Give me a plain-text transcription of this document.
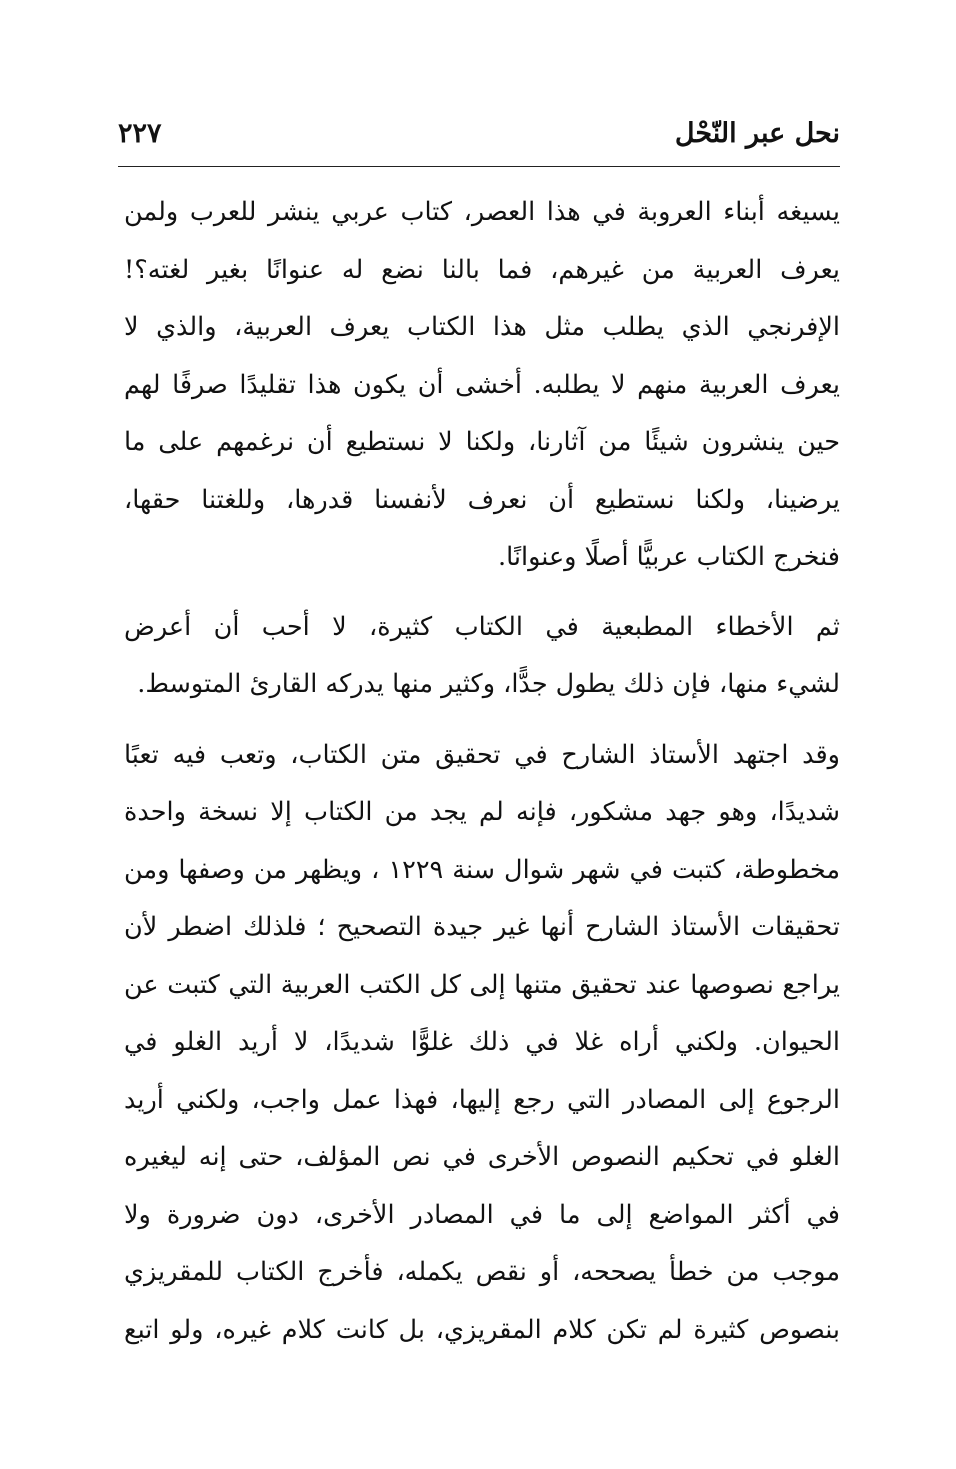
نحل عبر النّحْل
٢٢٧

يسيغه أبناء العروبة في هذا العصر، كتاب عربي ينشر للعرب ولمن
يعرف العربية من غيرهم، فما بالنا نضع له عنوانًا بغير لغته؟!
الإفرنجي الذي يطلب مثل هذا الكتاب يعرف العربية، والذي لا
يعرف العربية منهم لا يطلبه. أخشى أن يكون هذا تقليدًا صرفًا لهم
حين ينشرون شيئًا من آثارنا، ولكنا لا نستطيع أن نرغمهم على ما
يرضينا، ولكنا نستطيع أن نعرف لأنفسنا قدرها، وللغتنا حقها،
فنخرج الكتاب عربيًّا أصلًا وعنوانًا.

ثم الأخطاء المطبعية في الكتاب كثيرة، لا أحب أن أعرض
لشيء منها، فإن ذلك يطول جدًّا، وكثير منها يدركه القارئ المتوسط.

وقد اجتهد الأستاذ الشارح في تحقيق متن الكتاب، وتعب فيه تعبًا
شديدًا، وهو جهد مشكور، فإنه لم يجد من الكتاب إلا نسخة واحدة
مخطوطة، كتبت في شهر شوال سنة ١٢٢٩ ، ويظهر من وصفها ومن
تحقيقات الأستاذ الشارح أنها غير جيدة التصحيح ؛ فلذلك اضطر لأن
يراجع نصوصها عند تحقيق متنها إلى كل الكتب العربية التي كتبت عن
الحيوان. ولكني أراه غلا في ذلك غلوًّا شديدًا، لا أريد الغلو في
الرجوع إلى المصادر التي رجع إليها، فهذا عمل واجب، ولكني أريد
الغلو في تحكيم النصوص الأخرى في نص المؤلف، حتى إنه ليغيره
في أكثر المواضع إلى ما في المصادر الأخرى، دون ضرورة ولا
موجب من خطأ يصححه، أو نقص يكمله، فأخرج الكتاب للمقريزي
بنصوص كثيرة لم تكن كلام المقريزي، بل كانت كلام غيره، ولو اتبع
